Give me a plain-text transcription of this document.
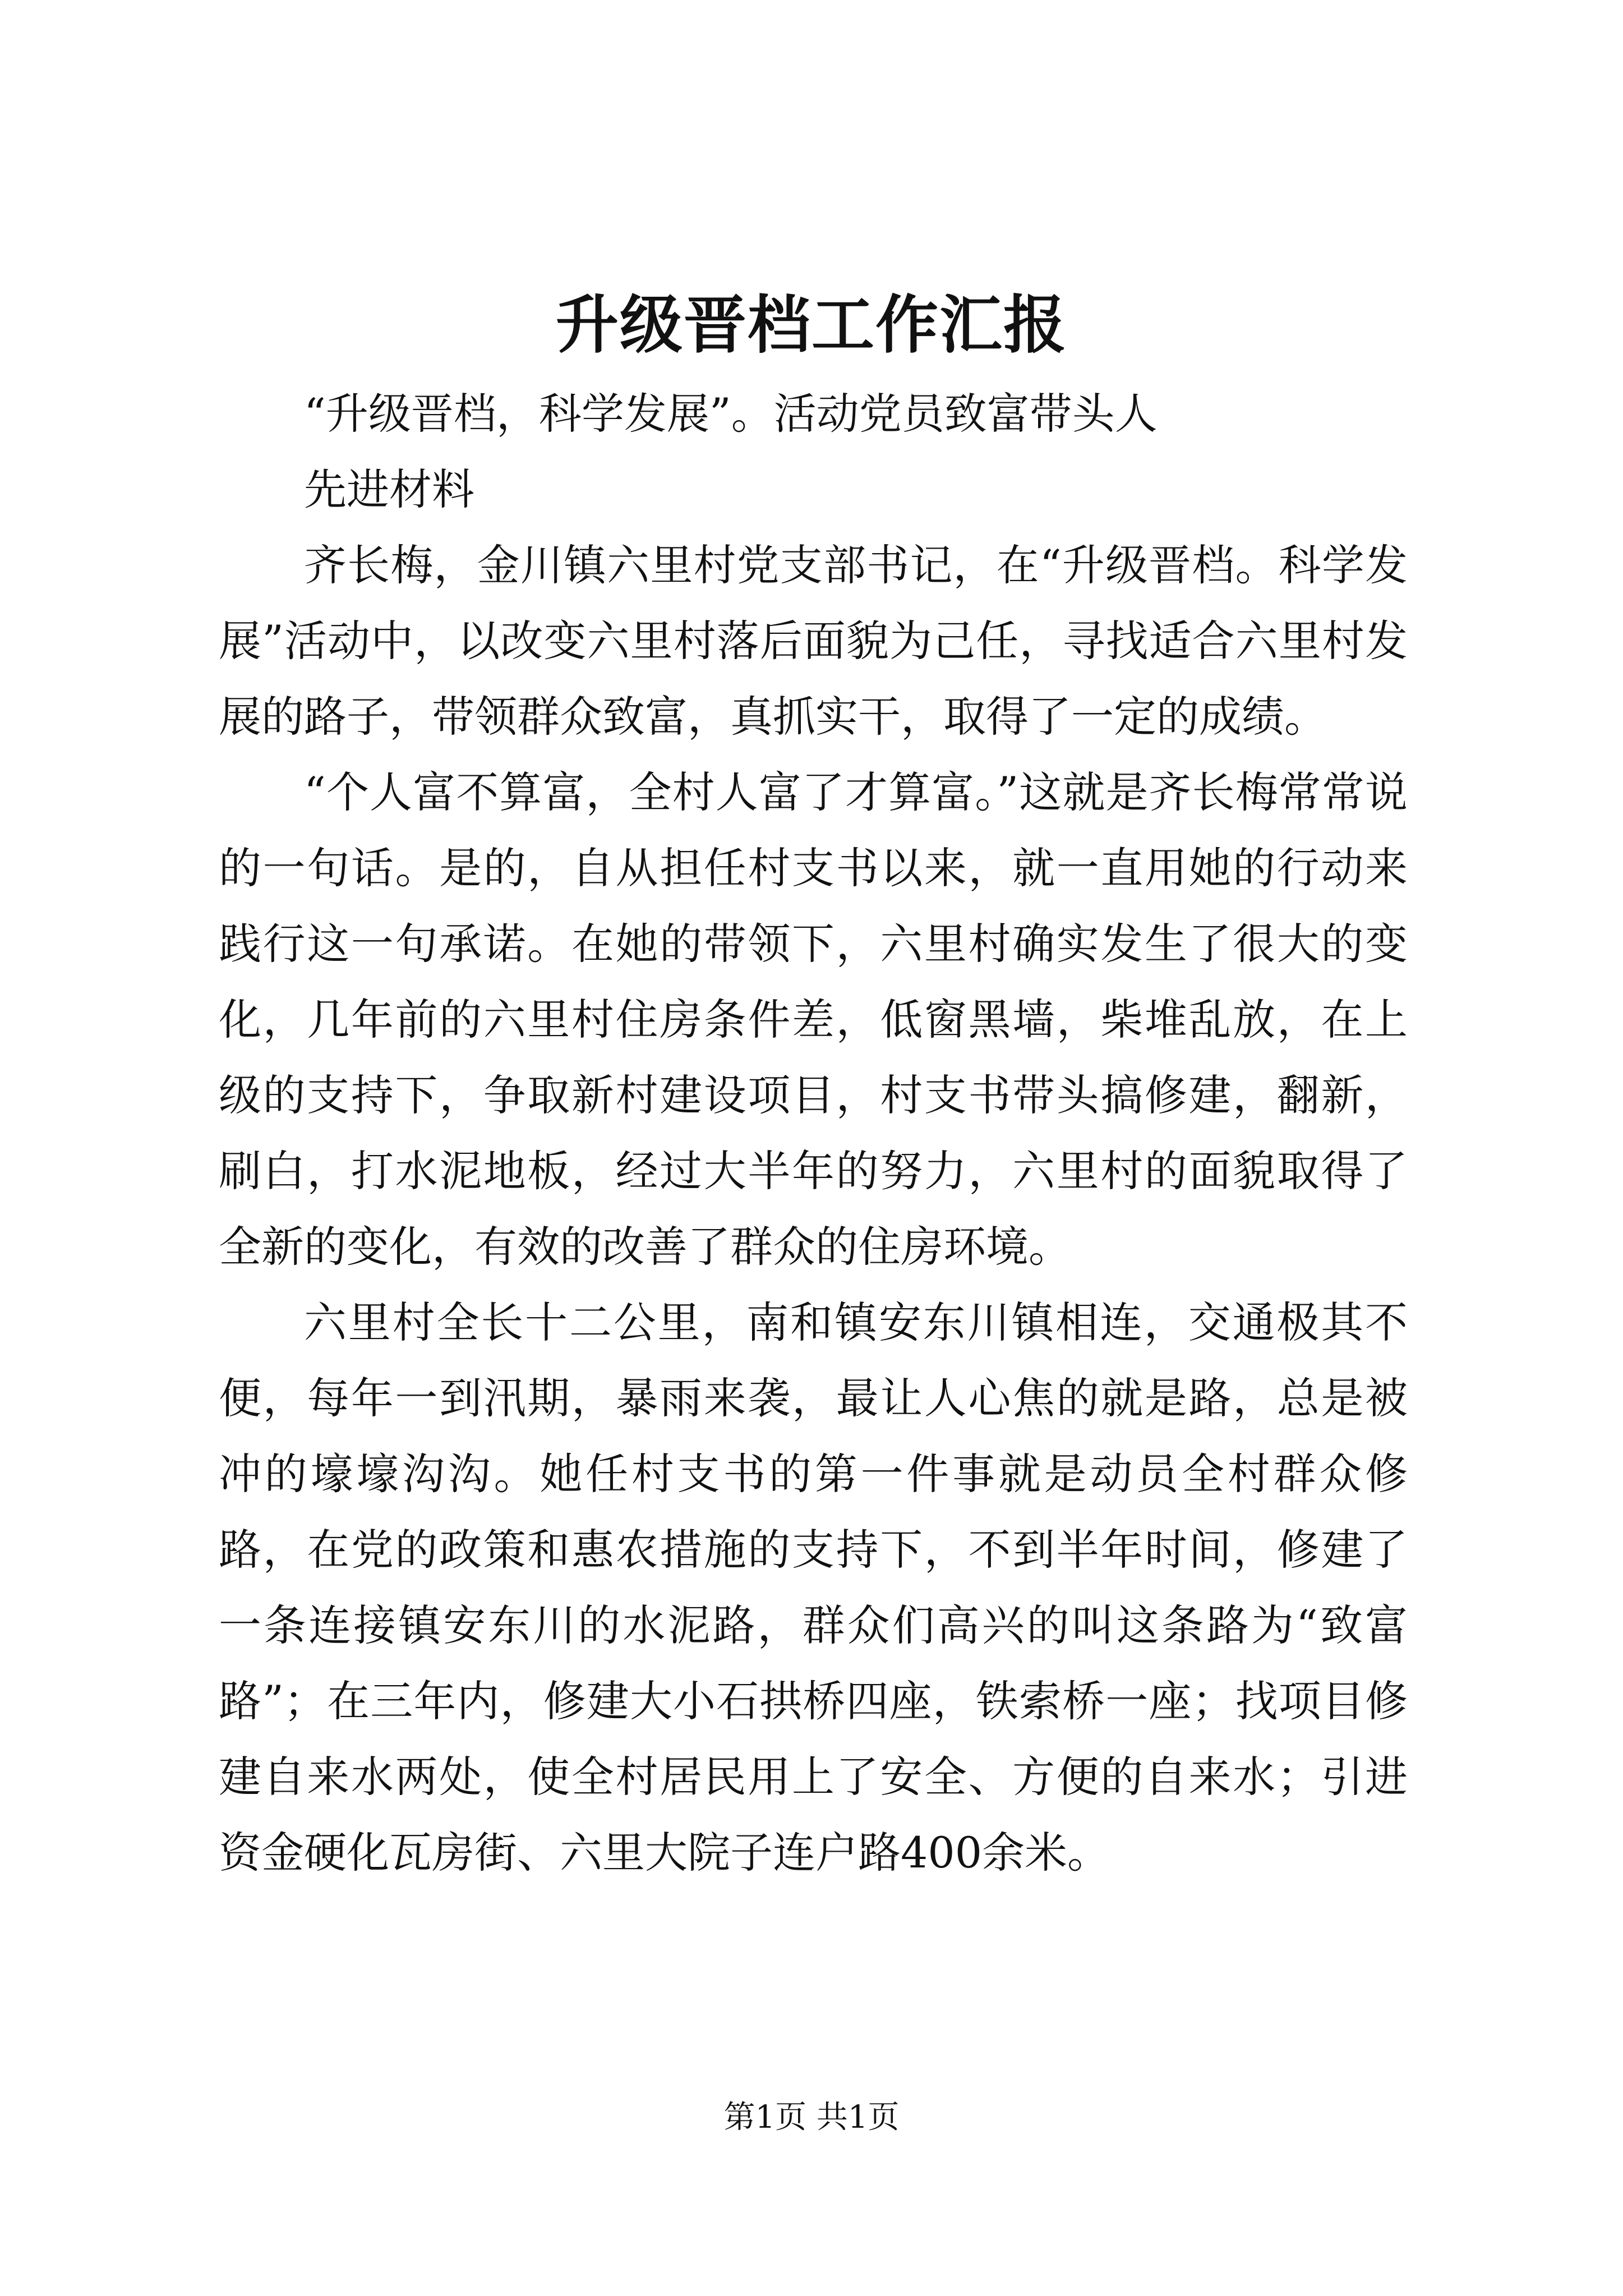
升级晋档工作汇报

“升级晋档，科学发展”。活动党员致富带头人

先进材料

齐长梅，金川镇六里村党支部书记，在“升级晋档。科学发展”活动中，以改变六里村落后面貌为己任，寻找适合六里村发展的路子，带领群众致富，真抓实干，取得了一定的成绩。

“个人富不算富，全村人富了才算富。”这就是齐长梅常常说的一句话。是的，自从担任村支书以来，就一直用她的行动来践行这一句承诺。在她的带领下，六里村确实发生了很大的变化，几年前的六里村住房条件差，低窗黑墙，柴堆乱放，在上级的支持下，争取新村建设项目，村支书带头搞修建，翻新，刷白，打水泥地板，经过大半年的努力，六里村的面貌取得了全新的变化，有效的改善了群众的住房环境。

六里村全长十二公里，南和镇安东川镇相连，交通极其不便，每年一到汛期，暴雨来袭，最让人心焦的就是路，总是被冲的壕壕沟沟。她任村支书的第一件事就是动员全村群众修路，在党的政策和惠农措施的支持下，不到半年时间，修建了一条连接镇安东川的水泥路，群众们高兴的叫这条路为“致富路”；在三年内，修建大小石拱桥四座，铁索桥一座；找项目修建自来水两处，使全村居民用上了安全、方便的自来水；引进资金硬化瓦房街、六里大院子连户路400余米。

第1页 共1页
